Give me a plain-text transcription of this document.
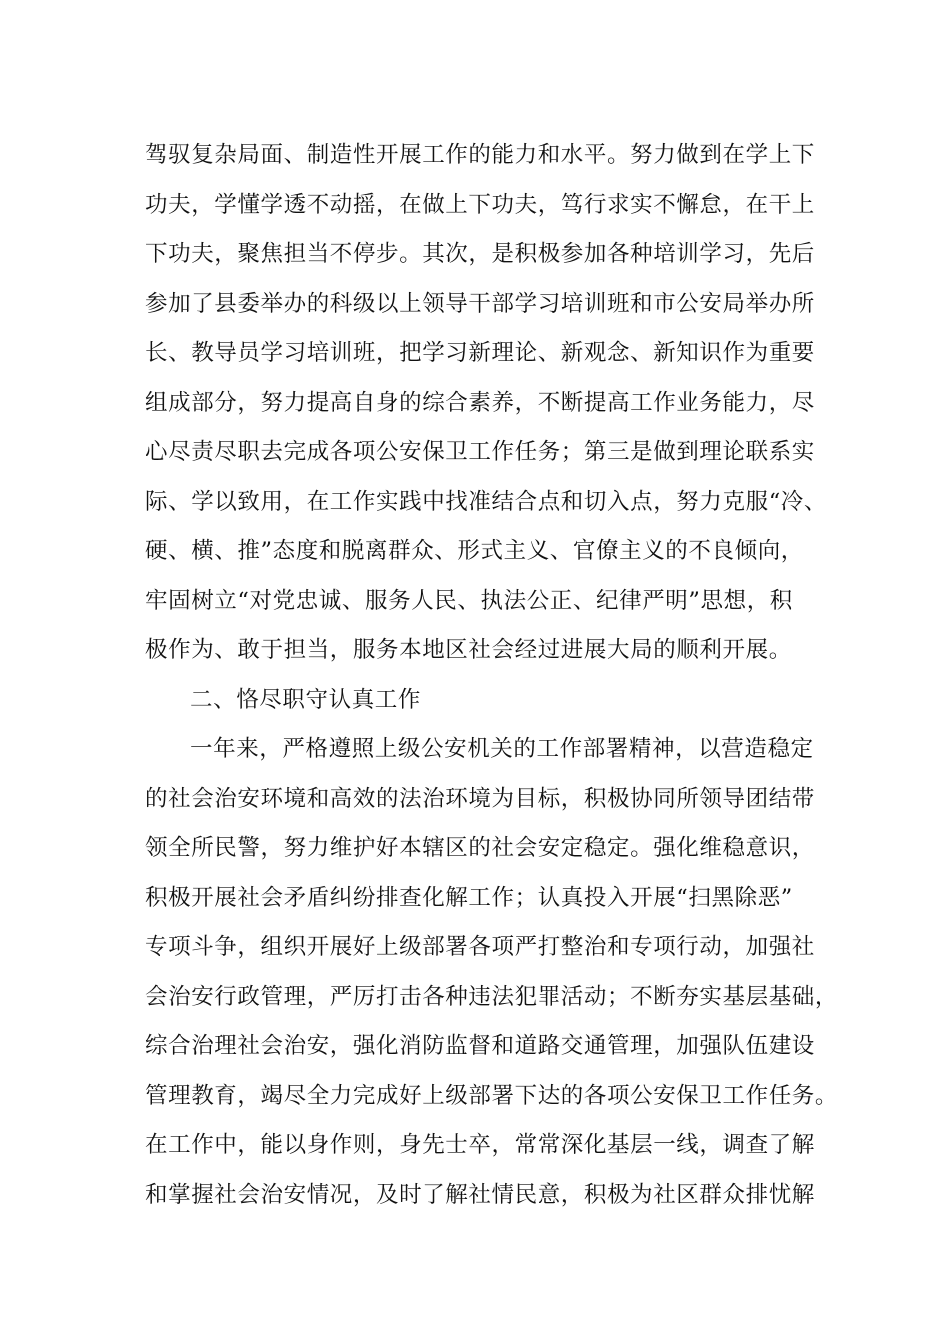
驾驭复杂局面、制造性开展工作的能力和水平。努力做到在学上下
功夫，学懂学透不动摇，在做上下功夫，笃行求实不懈怠，在干上
下功夫，聚焦担当不停步。其次，是积极参加各种培训学习，先后
参加了县委举办的科级以上领导干部学习培训班和市公安局举办所
长、教导员学习培训班，把学习新理论、新观念、新知识作为重要
组成部分，努力提高自身的综合素养，不断提高工作业务能力，尽
心尽责尽职去完成各项公安保卫工作任务；第三是做到理论联系实
际、学以致用，在工作实践中找准结合点和切入点，努力克服“冷、
硬、横、推”态度和脱离群众、形式主义、官僚主义的不良倾向，
牢固树立“对党忠诚、服务人民、执法公正、纪律严明”思想，积
极作为、敢于担当，服务本地区社会经过进展大局的顺利开展。
二、恪尽职守认真工作
一年来，严格遵照上级公安机关的工作部署精神，以营造稳定
的社会治安环境和高效的法治环境为目标，积极协同所领导团结带
领全所民警，努力维护好本辖区的社会安定稳定。强化维稳意识，
积极开展社会矛盾纠纷排查化解工作；认真投入开展“扫黑除恶”
专项斗争，组织开展好上级部署各项严打整治和专项行动，加强社
会治安行政管理，严厉打击各种违法犯罪活动；不断夯实基层基础，
综合治理社会治安，强化消防监督和道路交通管理，加强队伍建设
管理教育，竭尽全力完成好上级部署下达的各项公安保卫工作任务。
在工作中，能以身作则，身先士卒，常常深化基层一线，调查了解
和掌握社会治安情况，及时了解社情民意，积极为社区群众排忧解
